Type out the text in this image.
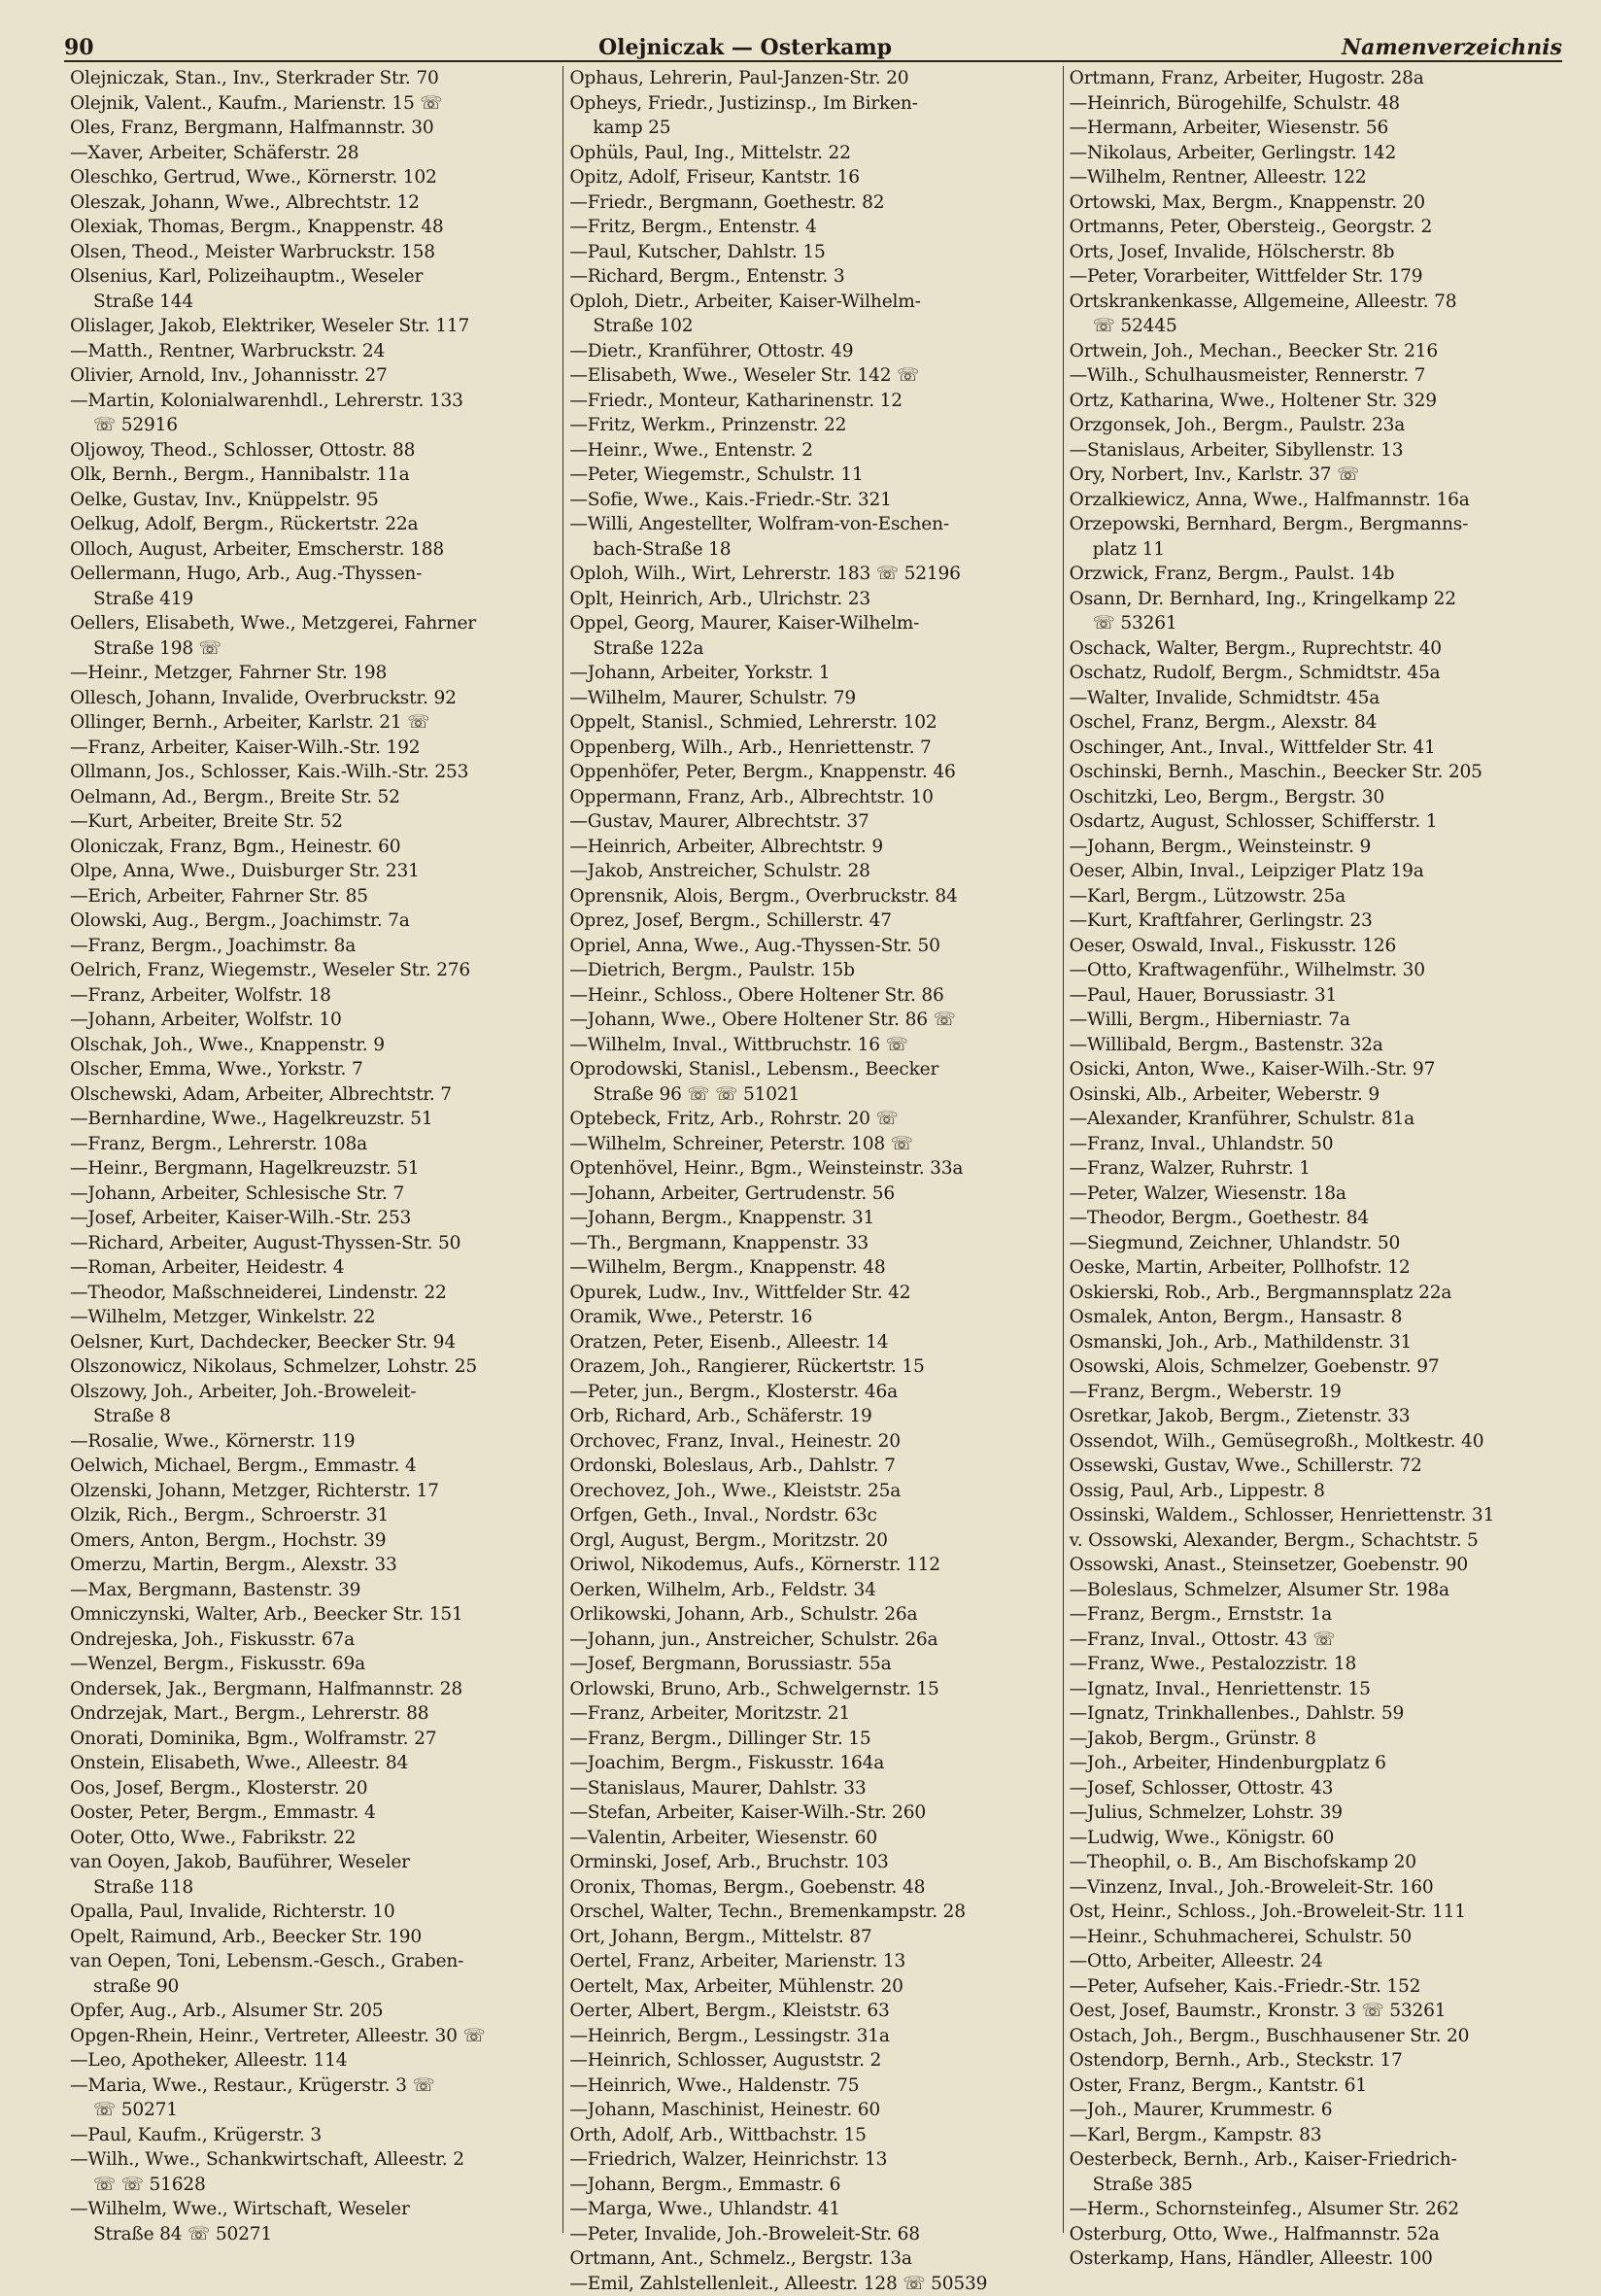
90	Olejniczak — Osterkamp	Namenverzeichnis
Olejniczak, Stan., Inv., Sterkrader Str. 70
Olejnik, Valent., Kaufm., Marienstr. 15 ☏
Oles, Franz, Bergmann, Halfmannstr. 30
—Xaver, Arbeiter, Schäferstr. 28
Oleschko, Gertrud, Wwe., Körnerstr. 102
Oleszak, Johann, Wwe., Albrechtstr. 12
Olexiak, Thomas, Bergm., Knappenstr. 48
Olsen, Theod., Meister Warbruckstr. 158
Olsenius, Karl, Polizeihauptm., Weseler
Straße 144
Olislager, Jakob, Elektriker, Weseler Str. 117
—Matth., Rentner, Warbruckstr. 24
Olivier, Arnold, Inv., Johannisstr. 27
—Martin, Kolonialwarenhdl., Lehrerstr. 133
☏ 52916
Oljowoy, Theod., Schlosser, Ottostr. 88
Olk, Bernh., Bergm., Hannibalstr. 11a
Oelke, Gustav, Inv., Knüppelstr. 95
Oelkug, Adolf, Bergm., Rückertstr. 22a
Olloch, August, Arbeiter, Emscherstr. 188
Oellermann, Hugo, Arb., Aug.-Thyssen-
Straße 419
Oellers, Elisabeth, Wwe., Metzgerei, Fahrner
Straße 198 ☏
—Heinr., Metzger, Fahrner Str. 198
Ollesch, Johann, Invalide, Overbruckstr. 92
Ollinger, Bernh., Arbeiter, Karlstr. 21 ☏
—Franz, Arbeiter, Kaiser-Wilh.-Str. 192
Ollmann, Jos., Schlosser, Kais.-Wilh.-Str. 253
Oelmann, Ad., Bergm., Breite Str. 52
—Kurt, Arbeiter, Breite Str. 52
Oloniczak, Franz, Bgm., Heinestr. 60
Olpe, Anna, Wwe., Duisburger Str. 231
—Erich, Arbeiter, Fahrner Str. 85
Olowski, Aug., Bergm., Joachimstr. 7a
—Franz, Bergm., Joachimstr. 8a
Oelrich, Franz, Wiegemstr., Weseler Str. 276
—Franz, Arbeiter, Wolfstr. 18
—Johann, Arbeiter, Wolfstr. 10
Olschak, Joh., Wwe., Knappenstr. 9
Olscher, Emma, Wwe., Yorkstr. 7
Olschewski, Adam, Arbeiter, Albrechtstr. 7
—Bernhardine, Wwe., Hagelkreuzstr. 51
—Franz, Bergm., Lehrerstr. 108a
—Heinr., Bergmann, Hagelkreuzstr. 51
—Johann, Arbeiter, Schlesische Str. 7
—Josef, Arbeiter, Kaiser-Wilh.-Str. 253
—Richard, Arbeiter, August-Thyssen-Str. 50
—Roman, Arbeiter, Heidestr. 4
—Theodor, Maßschneiderei, Lindenstr. 22
—Wilhelm, Metzger, Winkelstr. 22
Oelsner, Kurt, Dachdecker, Beecker Str. 94
Olszonowicz, Nikolaus, Schmelzer, Lohstr. 25
Olszowy, Joh., Arbeiter, Joh.-Broweleit-
Straße 8
—Rosalie, Wwe., Körnerstr. 119
Oelwich, Michael, Bergm., Emmastr. 4
Olzenski, Johann, Metzger, Richterstr. 17
Olzik, Rich., Bergm., Schroerstr. 31
Omers, Anton, Bergm., Hochstr. 39
Omerzu, Martin, Bergm., Alexstr. 33
—Max, Bergmann, Bastenstr. 39
Omniczynski, Walter, Arb., Beecker Str. 151
Ondrejeska, Joh., Fiskusstr. 67a
—Wenzel, Bergm., Fiskusstr. 69a
Ondersek, Jak., Bergmann, Halfmannstr. 28
Ondrzejak, Mart., Bergm., Lehrerstr. 88
Onorati, Dominika, Bgm., Wolframstr. 27
Onstein, Elisabeth, Wwe., Alleestr. 84
Oos, Josef, Bergm., Klosterstr. 20
Ooster, Peter, Bergm., Emmastr. 4
Ooter, Otto, Wwe., Fabrikstr. 22
van Ooyen, Jakob, Bauführer, Weseler
Straße 118
Opalla, Paul, Invalide, Richterstr. 10
Opelt, Raimund, Arb., Beecker Str. 190
van Oepen, Toni, Lebensm.-Gesch., Graben-
straße 90
Opfer, Aug., Arb., Alsumer Str. 205
Opgen-Rhein, Heinr., Vertreter, Alleestr. 30 ☏
—Leo, Apotheker, Alleestr. 114
—Maria, Wwe., Restaur., Krügerstr. 3 ☏
☏ 50271
—Paul, Kaufm., Krügerstr. 3
—Wilh., Wwe., Schankwirtschaft, Alleestr. 2
☏ ☏ 51628
—Wilhelm, Wwe., Wirtschaft, Weseler
Straße 84 ☏ 50271
Ophaus, Lehrerin, Paul-Janzen-Str. 20
Opheys, Friedr., Justizinsp., Im Birken-
kamp 25
Ophüls, Paul, Ing., Mittelstr. 22
Opitz, Adolf, Friseur, Kantstr. 16
—Friedr., Bergmann, Goethestr. 82
—Fritz, Bergm., Entenstr. 4
—Paul, Kutscher, Dahlstr. 15
—Richard, Bergm., Entenstr. 3
Oploh, Dietr., Arbeiter, Kaiser-Wilhelm-
Straße 102
—Dietr., Kranführer, Ottostr. 49
—Elisabeth, Wwe., Weseler Str. 142 ☏
—Friedr., Monteur, Katharinenstr. 12
—Fritz, Werkm., Prinzenstr. 22
—Heinr., Wwe., Entenstr. 2
—Peter, Wiegemstr., Schulstr. 11
—Sofie, Wwe., Kais.-Friedr.-Str. 321
—Willi, Angestellter, Wolfram-von-Eschen-
bach-Straße 18
Oploh, Wilh., Wirt, Lehrerstr. 183 ☏ 52196
Oplt, Heinrich, Arb., Ulrichstr. 23
Oppel, Georg, Maurer, Kaiser-Wilhelm-
Straße 122a
—Johann, Arbeiter, Yorkstr. 1
—Wilhelm, Maurer, Schulstr. 79
Oppelt, Stanisl., Schmied, Lehrerstr. 102
Oppenberg, Wilh., Arb., Henriettenstr. 7
Oppenhöfer, Peter, Bergm., Knappenstr. 46
Oppermann, Franz, Arb., Albrechtstr. 10
—Gustav, Maurer, Albrechtstr. 37
—Heinrich, Arbeiter, Albrechtstr. 9
—Jakob, Anstreicher, Schulstr. 28
Oprensnik, Alois, Bergm., Overbruckstr. 84
Oprez, Josef, Bergm., Schillerstr. 47
Opriel, Anna, Wwe., Aug.-Thyssen-Str. 50
—Dietrich, Bergm., Paulstr. 15b
—Heinr., Schloss., Obere Holtener Str. 86
—Johann, Wwe., Obere Holtener Str. 86 ☏
—Wilhelm, Inval., Wittbruchstr. 16 ☏
Oprodowski, Stanisl., Lebensm., Beecker
Straße 96 ☏ ☏ 51021
Optebeck, Fritz, Arb., Rohrstr. 20 ☏
—Wilhelm, Schreiner, Peterstr. 108 ☏
Optenhövel, Heinr., Bgm., Weinsteinstr. 33a
—Johann, Arbeiter, Gertrudenstr. 56
—Johann, Bergm., Knappenstr. 31
—Th., Bergmann, Knappenstr. 33
—Wilhelm, Bergm., Knappenstr. 48
Opurek, Ludw., Inv., Wittfelder Str. 42
Oramik, Wwe., Peterstr. 16
Oratzen, Peter, Eisenb., Alleestr. 14
Orazem, Joh., Rangierer, Rückertstr. 15
—Peter, jun., Bergm., Klosterstr. 46a
Orb, Richard, Arb., Schäferstr. 19
Orchovec, Franz, Inval., Heinestr. 20
Ordonski, Boleslaus, Arb., Dahlstr. 7
Orechovez, Joh., Wwe., Kleiststr. 25a
Orfgen, Geth., Inval., Nordstr. 63c
Orgl, August, Bergm., Moritzstr. 20
Oriwol, Nikodemus, Aufs., Körnerstr. 112
Oerken, Wilhelm, Arb., Feldstr. 34
Orlikowski, Johann, Arb., Schulstr. 26a
—Johann, jun., Anstreicher, Schulstr. 26a
—Josef, Bergmann, Borussiastr. 55a
Orlowski, Bruno, Arb., Schwelgernstr. 15
—Franz, Arbeiter, Moritzstr. 21
—Franz, Bergm., Dillinger Str. 15
—Joachim, Bergm., Fiskusstr. 164a
—Stanislaus, Maurer, Dahlstr. 33
—Stefan, Arbeiter, Kaiser-Wilh.-Str. 260
—Valentin, Arbeiter, Wiesenstr. 60
Orminski, Josef, Arb., Bruchstr. 103
Oronix, Thomas, Bergm., Goebenstr. 48
Orschel, Walter, Techn., Bremenkampstr. 28
Ort, Johann, Bergm., Mittelstr. 87
Oertel, Franz, Arbeiter, Marienstr. 13
Oertelt, Max, Arbeiter, Mühlenstr. 20
Oerter, Albert, Bergm., Kleiststr. 63
—Heinrich, Bergm., Lessingstr. 31a
—Heinrich, Schlosser, Auguststr. 2
—Heinrich, Wwe., Haldenstr. 75
—Johann, Maschinist, Heinestr. 60
Orth, Adolf, Arb., Wittbachstr. 15
—Friedrich, Walzer, Heinrichstr. 13
—Johann, Bergm., Emmastr. 6
—Marga, Wwe., Uhlandstr. 41
—Peter, Invalide, Joh.-Broweleit-Str. 68
Ortmann, Ant., Schmelz., Bergstr. 13a
—Emil, Zahlstellenleit., Alleestr. 128 ☏ 50539
Ortmann, Franz, Arbeiter, Hugostr. 28a
—Heinrich, Bürogehilfe, Schulstr. 48
—Hermann, Arbeiter, Wiesenstr. 56
—Nikolaus, Arbeiter, Gerlingstr. 142
—Wilhelm, Rentner, Alleestr. 122
Ortowski, Max, Bergm., Knappenstr. 20
Ortmanns, Peter, Obersteig., Georgstr. 2
Orts, Josef, Invalide, Hölscherstr. 8b
—Peter, Vorarbeiter, Wittfelder Str. 179
Ortskrankenkasse, Allgemeine, Alleestr. 78
☏ 52445
Ortwein, Joh., Mechan., Beecker Str. 216
—Wilh., Schulhausmeister, Rennerstr. 7
Ortz, Katharina, Wwe., Holtener Str. 329
Orzgonsek, Joh., Bergm., Paulstr. 23a
—Stanislaus, Arbeiter, Sibyllenstr. 13
Ory, Norbert, Inv., Karlstr. 37 ☏
Orzalkiewicz, Anna, Wwe., Halfmannstr. 16a
Orzepowski, Bernhard, Bergm., Bergmanns-
platz 11
Orzwick, Franz, Bergm., Paulst. 14b
Osann, Dr. Bernhard, Ing., Kringelkamp 22
☏ 53261
Oschack, Walter, Bergm., Ruprechtstr. 40
Oschatz, Rudolf, Bergm., Schmidtstr. 45a
—Walter, Invalide, Schmidtstr. 45a
Oschel, Franz, Bergm., Alexstr. 84
Oschinger, Ant., Inval., Wittfelder Str. 41
Oschinski, Bernh., Maschin., Beecker Str. 205
Oschitzki, Leo, Bergm., Bergstr. 30
Osdartz, August, Schlosser, Schifferstr. 1
—Johann, Bergm., Weinsteinstr. 9
Oeser, Albin, Inval., Leipziger Platz 19a
—Karl, Bergm., Lützowstr. 25a
—Kurt, Kraftfahrer, Gerlingstr. 23
Oeser, Oswald, Inval., Fiskusstr. 126
—Otto, Kraftwagenführ., Wilhelmstr. 30
—Paul, Hauer, Borussiastr. 31
—Willi, Bergm., Hiberniastr. 7a
—Willibald, Bergm., Bastenstr. 32a
Osicki, Anton, Wwe., Kaiser-Wilh.-Str. 97
Osinski, Alb., Arbeiter, Weberstr. 9
—Alexander, Kranführer, Schulstr. 81a
—Franz, Inval., Uhlandstr. 50
—Franz, Walzer, Ruhrstr. 1
—Peter, Walzer, Wiesenstr. 18a
—Theodor, Bergm., Goethestr. 84
—Siegmund, Zeichner, Uhlandstr. 50
Oeske, Martin, Arbeiter, Pollhofstr. 12
Oskierski, Rob., Arb., Bergmannsplatz 22a
Osmalek, Anton, Bergm., Hansastr. 8
Osmanski, Joh., Arb., Mathildenstr. 31
Osowski, Alois, Schmelzer, Goebenstr. 97
—Franz, Bergm., Weberstr. 19
Osretkar, Jakob, Bergm., Zietenstr. 33
Ossendot, Wilh., Gemüsegroßh., Moltkestr. 40
Ossewski, Gustav, Wwe., Schillerstr. 72
Ossig, Paul, Arb., Lippestr. 8
Ossinski, Waldem., Schlosser, Henriettenstr. 31
v. Ossowski, Alexander, Bergm., Schachtstr. 5
Ossowski, Anast., Steinsetzer, Goebenstr. 90
—Boleslaus, Schmelzer, Alsumer Str. 198a
—Franz, Bergm., Ernststr. 1a
—Franz, Inval., Ottostr. 43 ☏
—Franz, Wwe., Pestalozzistr. 18
—Ignatz, Inval., Henriettenstr. 15
—Ignatz, Trinkhallenbes., Dahlstr. 59
—Jakob, Bergm., Grünstr. 8
—Joh., Arbeiter, Hindenburgplatz 6
—Josef, Schlosser, Ottostr. 43
—Julius, Schmelzer, Lohstr. 39
—Ludwig, Wwe., Königstr. 60
—Theophil, o. B., Am Bischofskamp 20
—Vinzenz, Inval., Joh.-Broweleit-Str. 160
Ost, Heinr., Schloss., Joh.-Broweleit-Str. 111
—Heinr., Schuhmacherei, Schulstr. 50
—Otto, Arbeiter, Alleestr. 24
—Peter, Aufseher, Kais.-Friedr.-Str. 152
Oest, Josef, Baumstr., Kronstr. 3 ☏ 53261
Ostach, Joh., Bergm., Buschhausener Str. 20
Ostendorp, Bernh., Arb., Steckstr. 17
Oster, Franz, Bergm., Kantstr. 61
—Joh., Maurer, Krummestr. 6
—Karl, Bergm., Kampstr. 83
Oesterbeck, Bernh., Arb., Kaiser-Friedrich-
Straße 385
—Herm., Schornsteinfeg., Alsumer Str. 262
Osterburg, Otto, Wwe., Halfmannstr. 52a
Osterkamp, Hans, Händler, Alleestr. 100
